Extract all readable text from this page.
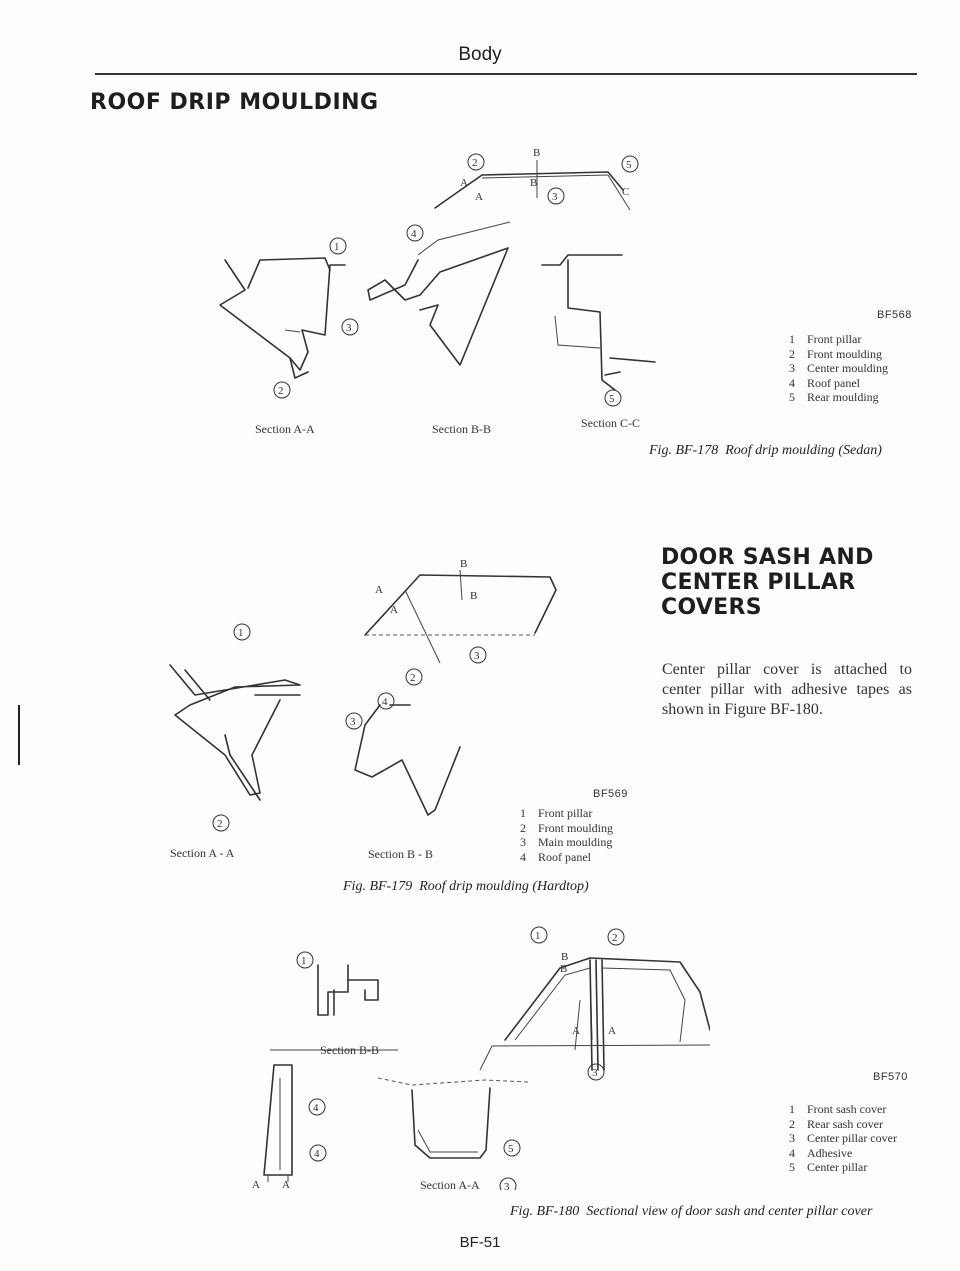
Body
ROOF DRIP MOULDING
2	5
3
B
B
A
A	C
1
2
4
3
5
Section A-A	Section B-B	Section C-C
BF568
1 Front pillar
2 Front moulding
3 Center moulding
4 Roof panel
5 Rear moulding
Fig. BF-178 Roof drip moulding (Sedan)
DOOR SASH AND
CENTER PILLAR
COVERS
Center pillar cover is attached to center pillar with adhesive tapes as shown in Figure BF-180.
B
B
A
A
3
2
1
2
4
3
Section A - A	Section B - B
BF569
1 Front pillar
2 Front moulding
3 Main moulding
4 Roof panel
Fig. BF-179 Roof drip moulding (Hardtop)
B
B
A	A
1	2
3
1
5
3
4
4
A A
Section B-B
Section A-A
BF570
1 Front sash cover
2 Rear sash cover
3 Center pillar cover
4 Adhesive
5 Center pillar
Fig. BF-180 Sectional view of door sash and center pillar cover
BF-51
